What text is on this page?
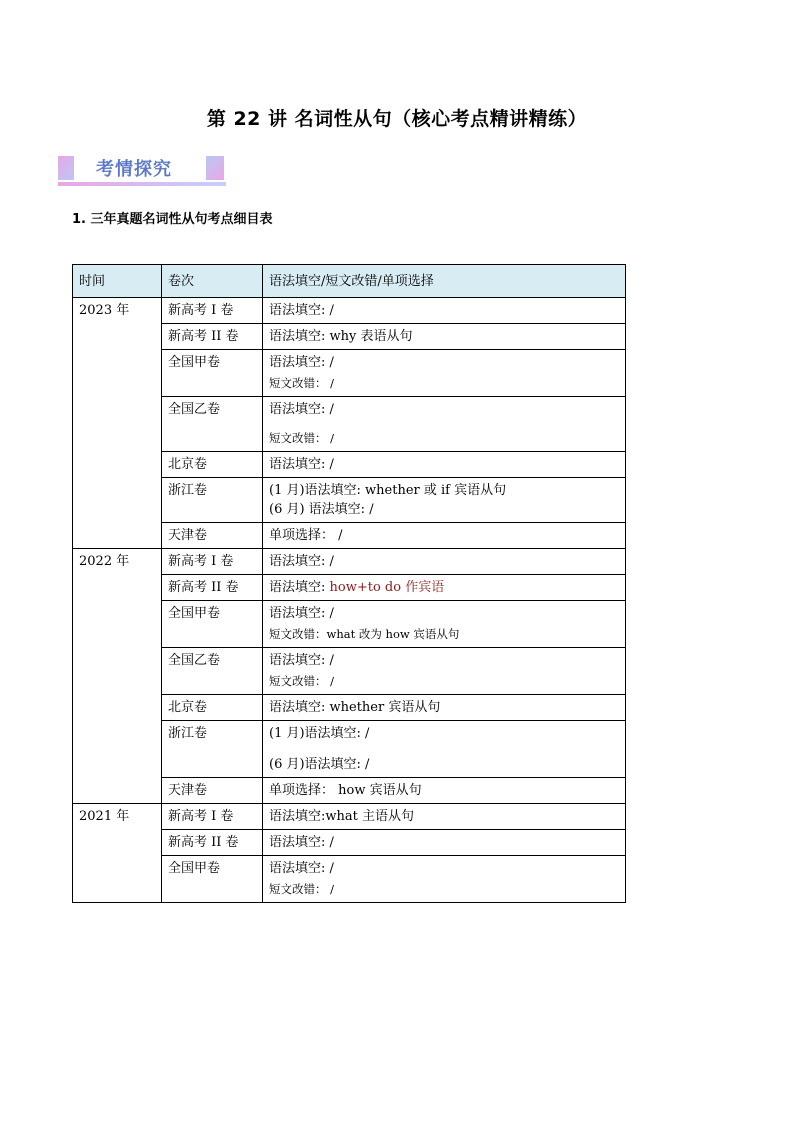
第 22 讲 名词性从句（核心考点精讲精练）
考情探究
1. 三年真题名词性从句考点细目表
时间	卷次	语法填空/短文改错/单项选择
2023 年	新高考 I 卷	语法填空: /

	新高考 II 卷	语法填空: why 表语从句

	全国甲卷	语法填空: /
短文改错： /

	全国乙卷	语法填空: /
短文改错： /

	北京卷	语法填空: /

	浙江卷	(1 月)语法填空: whether 或 if 宾语从句
(6 月) 语法填空: /

	天津卷	单项选择： /

2022 年	新高考 I 卷	语法填空: /

	新高考 II 卷	语法填空: how+to do 作宾语

	全国甲卷	语法填空: /
短文改错：what 改为 how 宾语从句

	全国乙卷	语法填空: /
短文改错： /

	北京卷	语法填空: whether 宾语从句

	浙江卷	(1 月)语法填空: /
(6 月)语法填空: /

	天津卷	单项选择： how 宾语从句

2021 年	新高考 I 卷	语法填空:what 主语从句

	新高考 II 卷	语法填空: /

	全国甲卷	语法填空: /
短文改错： /
